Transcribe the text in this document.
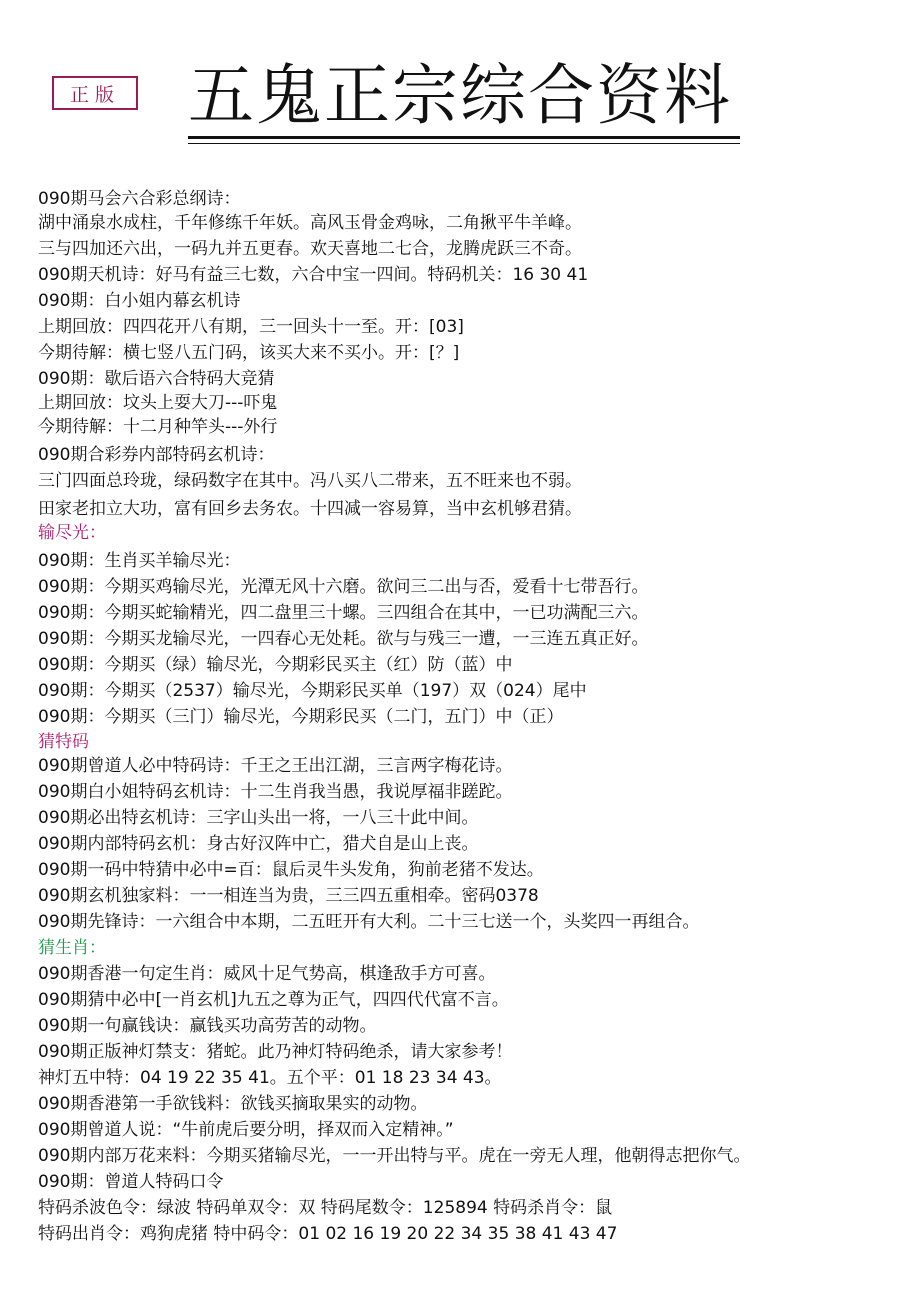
正版 五鬼正宗综合资料
090期马会六合彩总纲诗：
湖中涌泉水成柱，千年修练千年妖。高风玉骨金鸡咏，二角揪平牛羊峰。
三与四加还六出，一码九并五更春。欢天喜地二七合，龙腾虎跃三不奇。
090期天机诗：好马有益三七数，六合中宝一四间。特码机关：16 30 41
090期：白小姐内幕玄机诗
上期回放：四四花开八有期，三一回头十一至。开：[03]
今期待解：横七竖八五门码，该买大来不买小。开：[？]
090期：歇后语六合特码大竞猜
上期回放：坟头上耍大刀---吓鬼
今期待解：十二月种竿头---外行
090期合彩券内部特码玄机诗：
三门四面总玲珑，绿码数字在其中。冯八买八二带来，五不旺来也不弱。
田家老扣立大功，富有回乡去务农。十四减一容易算，当中玄机够君猜。
输尽光：
090期：生肖买羊输尽光：
090期：今期买鸡输尽光，光潭无风十六磨。欲问三二出与否，爱看十七带吾行。
090期：今期买蛇输精光，四二盘里三十螺。三四组合在其中，一已功满配三六。
090期：今期买龙输尽光，一四春心无处耗。欲与与残三一遭，一三连五真正好。
090期：今期买（绿）输尽光，今期彩民买主（红）防（蓝）中
090期：今期买（2537）输尽光，今期彩民买单（197）双（024）尾中
090期：今期买（三门）输尽光，今期彩民买（二门，五门）中（正）
猜特码
090期曾道人必中特码诗：千王之王出江湖，三言两字梅花诗。
090期白小姐特码玄机诗：十二生肖我当愚，我说厚福非蹉跎。
090期必出特玄机诗：三字山头出一将，一八三十此中间。
090期内部特码玄机：身古好汉阵中亡，猎犬自是山上丧。
090期一码中特猜中必中=百：鼠后灵牛头发角，狗前老猪不发达。
090期玄机独家料：一一相连当为贵，三三四五重相牵。密码0378
090期先锋诗：一六组合中本期，二五旺开有大利。二十三七送一个，头奖四一再组合。
猜生肖：
090期香港一句定生肖：威风十足气势高，棋逢敌手方可喜。
090期猜中必中[一肖玄机]九五之尊为正气，四四代代富不言。
090期一句赢钱诀：赢钱买功高劳苦的动物。
090期正版神灯禁支：猪蛇。此乃神灯特码绝杀，请大家参考！
神灯五中特：04 19 22 35 41。五个平：01 18 23 34 43。
090期香港第一手欲钱料：欲钱买摘取果实的动物。
090期曾道人说：“牛前虎后要分明，择双而入定精神。”
090期内部万花来料：今期买猪输尽光，一一开出特与平。虎在一旁无人理，他朝得志把你气。
090期：曾道人特码口令
特码杀波色令：绿波 特码单双令：双 特码尾数令：125894 特码杀肖令：鼠
特码出肖令：鸡狗虎猪 特中码令：01 02 16 19 20 22 34 35 38 41 43 47
